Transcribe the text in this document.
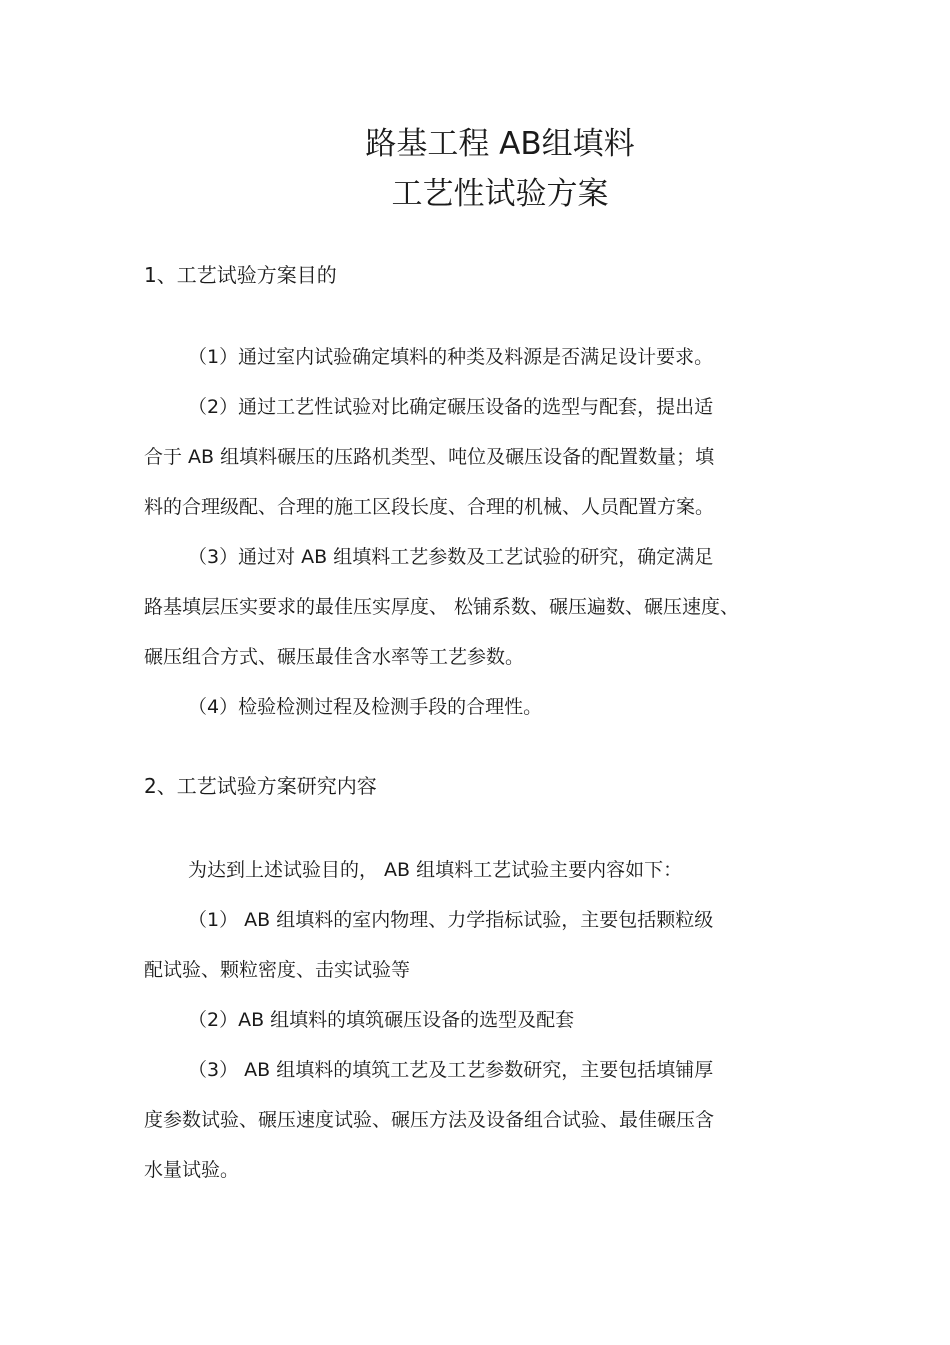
路基工程 AB组填料
工艺性试验方案

1、工艺试验方案目的

（1）通过室内试验确定填料的种类及料源是否满足设计要求。

（2）通过工艺性试验对比确定碾压设备的选型与配套，提出适

合于 AB 组填料碾压的压路机类型、吨位及碾压设备的配置数量；填

料的合理级配、合理的施工区段长度、合理的机械、人员配置方案。

（3）通过对 AB 组填料工艺参数及工艺试验的研究，确定满足

路基填层压实要求的最佳压实厚度、 松铺系数、碾压遍数、碾压速度、

碾压组合方式、碾压最佳含水率等工艺参数。

（4）检验检测过程及检测手段的合理性。

2、工艺试验方案研究内容

为达到上述试验目的， AB 组填料工艺试验主要内容如下：

（1） AB 组填料的室内物理、力学指标试验，主要包括颗粒级

配试验、颗粒密度、击实试验等

（2）AB 组填料的填筑碾压设备的选型及配套

（3） AB 组填料的填筑工艺及工艺参数研究，主要包括填铺厚

度参数试验、碾压速度试验、碾压方法及设备组合试验、最佳碾压含

水量试验。
